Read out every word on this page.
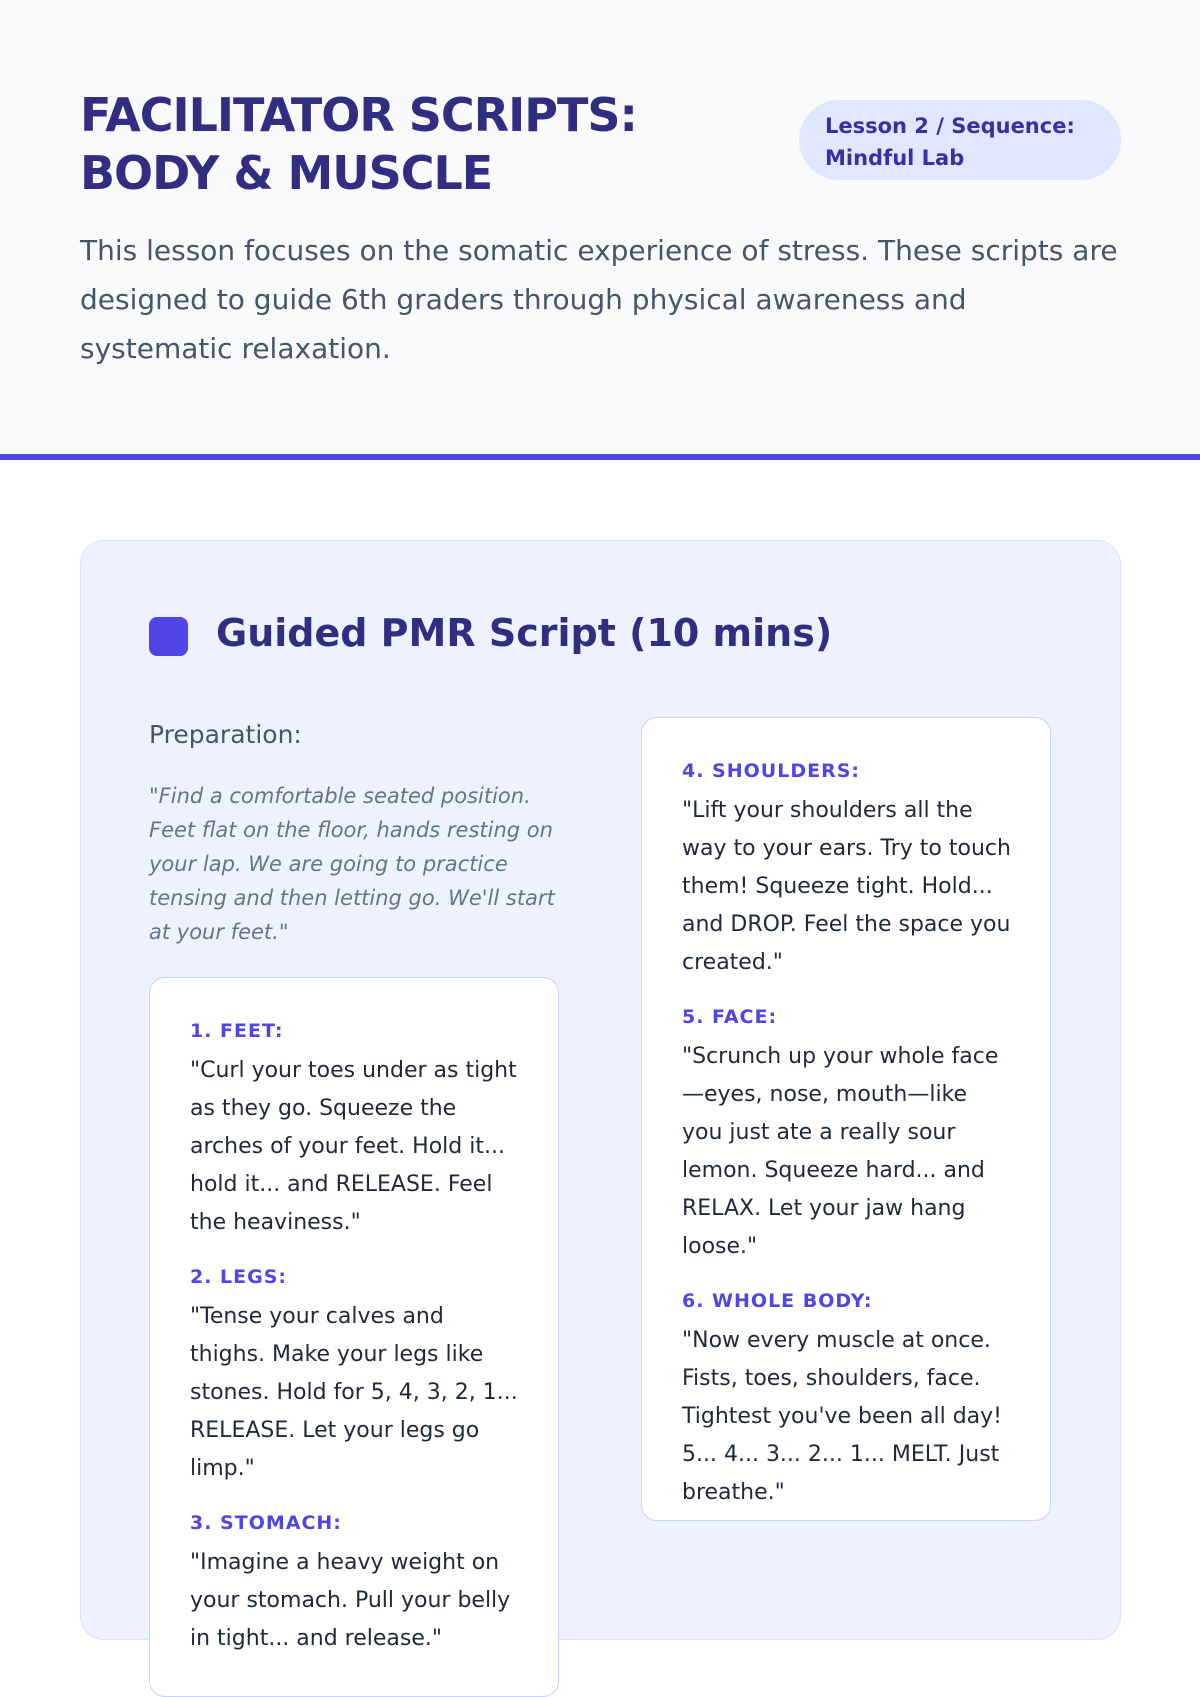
FACILITATOR SCRIPTS: BODY & MUSCLE
Lesson 2 / Sequence: Mindful Lab

This lesson focuses on the somatic experience of stress. These scripts are designed to guide 6th graders through physical awareness and systematic relaxation.

Guided PMR Script (10 mins)
Preparation:

"Find a comfortable seated position. Feet flat on the floor, hands resting on your lap. We are going to practice tensing and then letting go. We'll start at your feet."

1. FEET:
"Curl your toes under as tight as they go. Squeeze the arches of your feet. Hold it... hold it... and RELEASE. Feel the heaviness."
2. LEGS:
"Tense your calves and thighs. Make your legs like stones. Hold for 5, 4, 3, 2, 1... RELEASE. Let your legs go limp."
3. STOMACH:
"Imagine a heavy weight on your stomach. Pull your belly in tight... and release."
4. SHOULDERS:
"Lift your shoulders all the way to your ears. Try to touch them! Squeeze tight. Hold... and DROP. Feel the space you created."
5. FACE:
"Scrunch up your whole face—eyes, nose, mouth—like you just ate a really sour lemon. Squeeze hard... and RELAX. Let your jaw hang loose."
6. WHOLE BODY:
"Now every muscle at once. Fists, toes, shoulders, face. Tightest you've been all day! 5... 4... 3... 2... 1... MELT. Just breathe."
